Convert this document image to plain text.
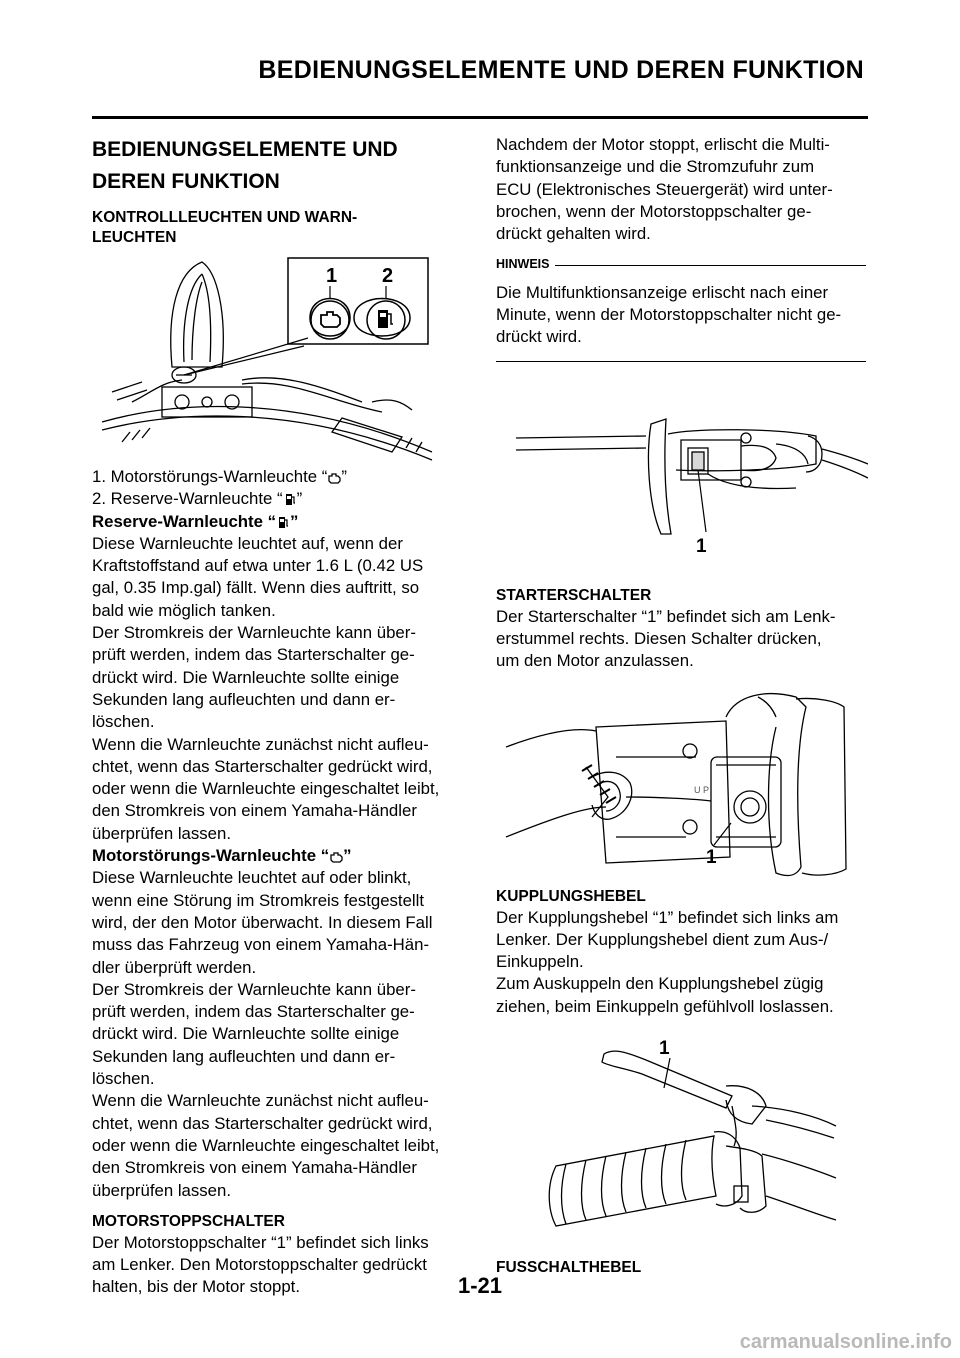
BEDIENUNGSELEMENTE UND DEREN FUNKTION
BEDIENUNGSELEMENTE UND
DEREN FUNKTION
KONTROLLLEUCHTEN UND WARN-
LEUCHTEN
1 2

1. Motorstörungs-Warnleuchte “ ”

2. Reserve-Warnleuchte “ ”

Reserve-Warnleuchte “ ”

Diese Warnleuchte leuchtet auf, wenn der
Kraftstoffstand auf etwa unter 1.6 L (0.42 US
gal, 0.35 Imp.gal) fällt. Wenn dies auftritt, so
bald wie möglich tanken.
Der Stromkreis der Warnleuchte kann über-
prüft werden, indem das Starterschalter ge-
drückt wird. Die Warnleuchte sollte einige
Sekunden lang aufleuchten und dann er-
löschen.
Wenn die Warnleuchte zunächst nicht aufleu-
chtet, wenn das Starterschalter gedrückt wird,
oder wenn die Warnleuchte eingeschaltet leibt,
den Stromkreis von einem Yamaha-Händler
überprüfen lassen.

Motorstörungs-Warnleuchte “ ”

Diese Warnleuchte leuchtet auf oder blinkt,
wenn eine Störung im Stromkreis festgestellt
wird, der den Motor überwacht. In diesem Fall
muss das Fahrzeug von einem Yamaha-Hän-
dler überprüft werden.
Der Stromkreis der Warnleuchte kann über-
prüft werden, indem das Starterschalter ge-
drückt wird. Die Warnleuchte sollte einige
Sekunden lang aufleuchten und dann er-
löschen.
Wenn die Warnleuchte zunächst nicht aufleu-
chtet, wenn das Starterschalter gedrückt wird,
oder wenn die Warnleuchte eingeschaltet leibt,
den Stromkreis von einem Yamaha-Händler
überprüfen lassen.

MOTORSTOPPSCHALTER

Der Motorstoppschalter “1” befindet sich links
am Lenker. Den Motorstoppschalter gedrückt
halten, bis der Motor stoppt.
Nachdem der Motor stoppt, erlischt die Multi-
funktionsanzeige und die Stromzufuhr zum
ECU (Elektronisches Steuergerät) wird unter-
brochen, wenn der Motorstoppschalter ge-
drückt gehalten wird.
HINWEIS
Die Multifunktionsanzeige erlischt nach einer
Minute, wenn der Motorstoppschalter nicht ge-
drückt wird.
1

STARTERSCHALTER

Der Starterschalter “1” befindet sich am Lenk-
erstummel rechts. Diesen Schalter drücken,
um den Motor anzulassen.
U P
1

KUPPLUNGSHEBEL

Der Kupplungshebel “1” befindet sich links am
Lenker. Der Kupplungshebel dient zum Aus-/
Einkuppeln.
Zum Auskuppeln den Kupplungshebel zügig
ziehen, beim Einkuppeln gefühlvoll loslassen.
1

FUSSCHALTHEBEL

1-21
carmanualsonline.info
